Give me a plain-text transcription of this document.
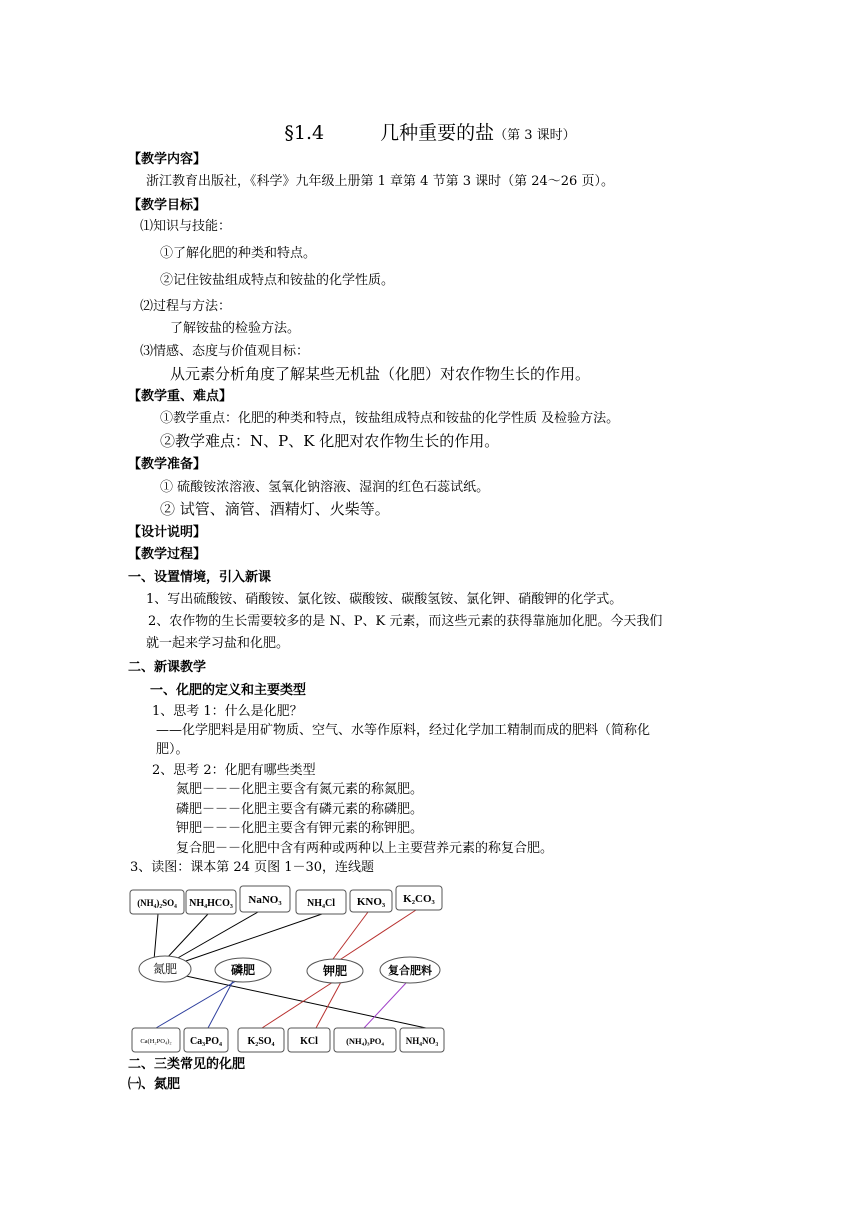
§1.4	几种重要的盐（第 3 课时）
【教学内容】
浙江教育出版社，《科学》九年级上册第 1 章第 4 节第 3 课时（第 24～26 页）。
【教学目标】
⑴知识与技能：
①了解化肥的种类和特点。
②记住铵盐组成特点和铵盐的化学性质。
⑵过程与方法：
了解铵盐的检验方法。
⑶情感、态度与价值观目标：
从元素分析角度了解某些无机盐（化肥）对农作物生长的作用。
【教学重、难点】
①教学重点：化肥的种类和特点，铵盐组成特点和铵盐的化学性质 及检验方法。
②教学难点：N、P、K 化肥对农作物生长的作用。
【教学准备】
① 硫酸铵浓溶液、氢氧化钠溶液、湿润的红色石蕊试纸。
② 试管、滴管、酒精灯、火柴等。
【设计说明】
【教学过程】
一、设置情境，引入新课
1、写出硫酸铵、硝酸铵、氯化铵、碳酸铵、碳酸氢铵、氯化钾、硝酸钾的化学式。
2、农作物的生长需要较多的是 N、P、K 元素，而这些元素的获得靠施加化肥。今天我们
就一起来学习盐和化肥。
二、新课教学
一、化肥的定义和主要类型
1、思考 1：什么是化肥？
——化学肥料是用矿物质、空气、水等作原料，经过化学加工精制而成的肥料（简称化
肥）。
2、思考 2：化肥有哪些类型
氮肥－－－化肥主要含有氮元素的称氮肥。
磷肥－－－化肥主要含有磷元素的称磷肥。
钾肥－－－化肥主要含有钾元素的称钾肥。
复合肥－－化肥中含有两种或两种以上主要营养元素的称复合肥。
3、读图：课本第 24 页图 1－30，连线题
(NH₄)₂SO₄ NH₄HCO₃ NaNO₃	NH₄Cl KNO₃ K₂CO₃
氮肥	磷肥	钾肥	复合肥料
Ca(H₂PO₄)₂ Ca₃PO₄	K₂SO₄	KCl	(NH₄)₃PO₄ NH₄NO₃
二、三类常见的化肥
㈠、氮肥
